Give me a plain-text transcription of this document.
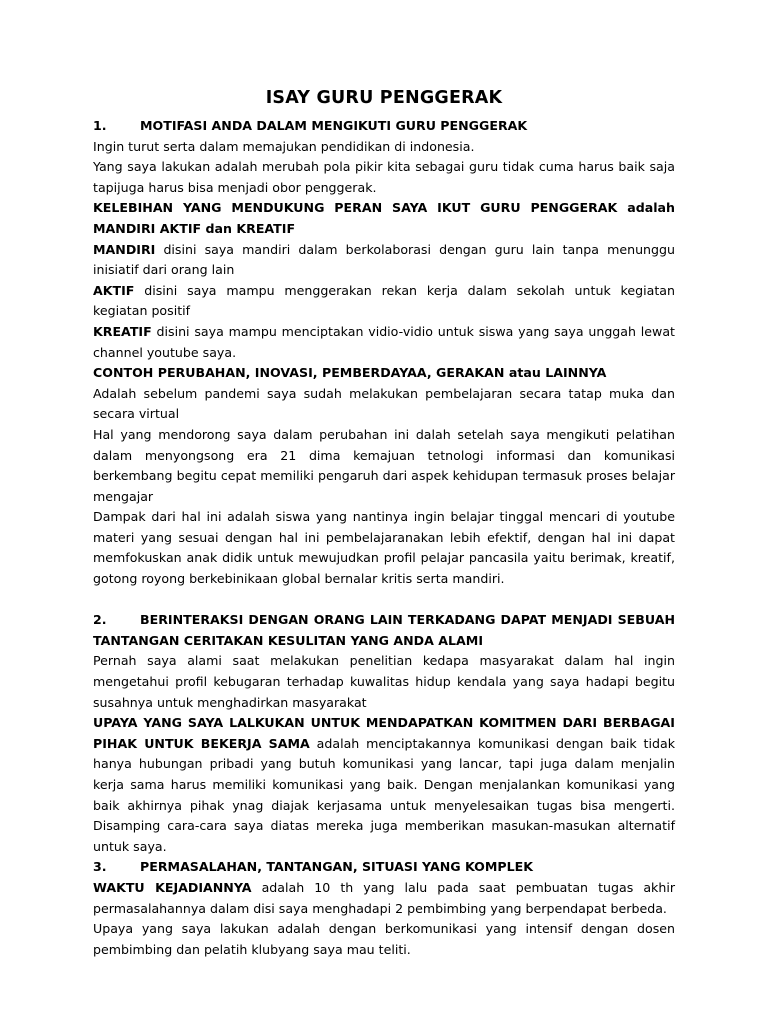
ISAY GURU PENGGERAK

1.	MOTIFASI ANDA DALAM MENGIKUTI GURU PENGGERAK

Ingin turut serta dalam memajukan pendidikan di indonesia.

Yang saya lakukan adalah merubah pola pikir kita sebagai guru tidak cuma harus baik saja tapijuga harus bisa menjadi obor penggerak.

KELEBIHAN YANG MENDUKUNG PERAN SAYA IKUT GURU PENGGERAK adalah MANDIRI AKTIF dan KREATIF

MANDIRI disini saya mandiri dalam berkolaborasi dengan guru lain tanpa menunggu inisiatif dari orang lain

AKTIF disini saya mampu menggerakan rekan kerja dalam sekolah untuk kegiatan kegiatan positif

KREATIF disini saya mampu menciptakan vidio-vidio untuk siswa yang saya unggah lewat channel youtube saya.

CONTOH PERUBAHAN, INOVASI, PEMBERDAYAA, GERAKAN atau LAINNYA

Adalah sebelum pandemi saya sudah melakukan pembelajaran secara tatap muka dan secara virtual

Hal yang mendorong saya dalam perubahan ini dalah setelah saya mengikuti pelatihan dalam menyongsong era 21 dima kemajuan tetnologi informasi dan komunikasi berkembang begitu cepat memiliki pengaruh dari aspek kehidupan termasuk proses belajar mengajar

Dampak dari hal ini adalah siswa yang nantinya ingin belajar tinggal mencari di youtube materi yang sesuai dengan hal ini pembelajaranakan lebih efektif, dengan hal ini dapat memfokuskan anak didik untuk mewujudkan profil pelajar pancasila yaitu berimak, kreatif, gotong royong berkebinikaan global bernalar kritis serta mandiri.

2.	BERINTERAKSI DENGAN ORANG LAIN TERKADANG DAPAT MENJADI SEBUAH TANTANGAN CERITAKAN KESULITAN YANG ANDA ALAMI

Pernah saya alami saat melakukan penelitian kedapa masyarakat dalam hal ingin mengetahui profil kebugaran terhadap kuwalitas hidup kendala yang saya hadapi begitu susahnya untuk menghadirkan masyarakat

UPAYA YANG SAYA LALKUKAN UNTUK MENDAPATKAN KOMITMEN DARI BERBAGAI PIHAK UNTUK BEKERJA SAMA adalah menciptakannya komunikasi dengan baik tidak hanya hubungan pribadi yang butuh komunikasi yang lancar, tapi juga dalam menjalin kerja sama harus memiliki komunikasi yang baik. Dengan menjalankan komunikasi yang baik akhirnya pihak ynag diajak kerjasama untuk menyelesaikan tugas bisa mengerti. Disamping cara-cara saya diatas mereka juga memberikan masukan-masukan alternatif untuk saya.

3.	PERMASALAHAN, TANTANGAN, SITUASI YANG KOMPLEK

WAKTU KEJADIANNYA adalah 10 th yang lalu pada saat pembuatan tugas akhir permasalahannya dalam disi saya menghadapi 2 pembimbing yang berpendapat berbeda.

Upaya yang saya lakukan adalah dengan berkomunikasi yang intensif dengan dosen pembimbing dan pelatih klubyang saya mau teliti.
